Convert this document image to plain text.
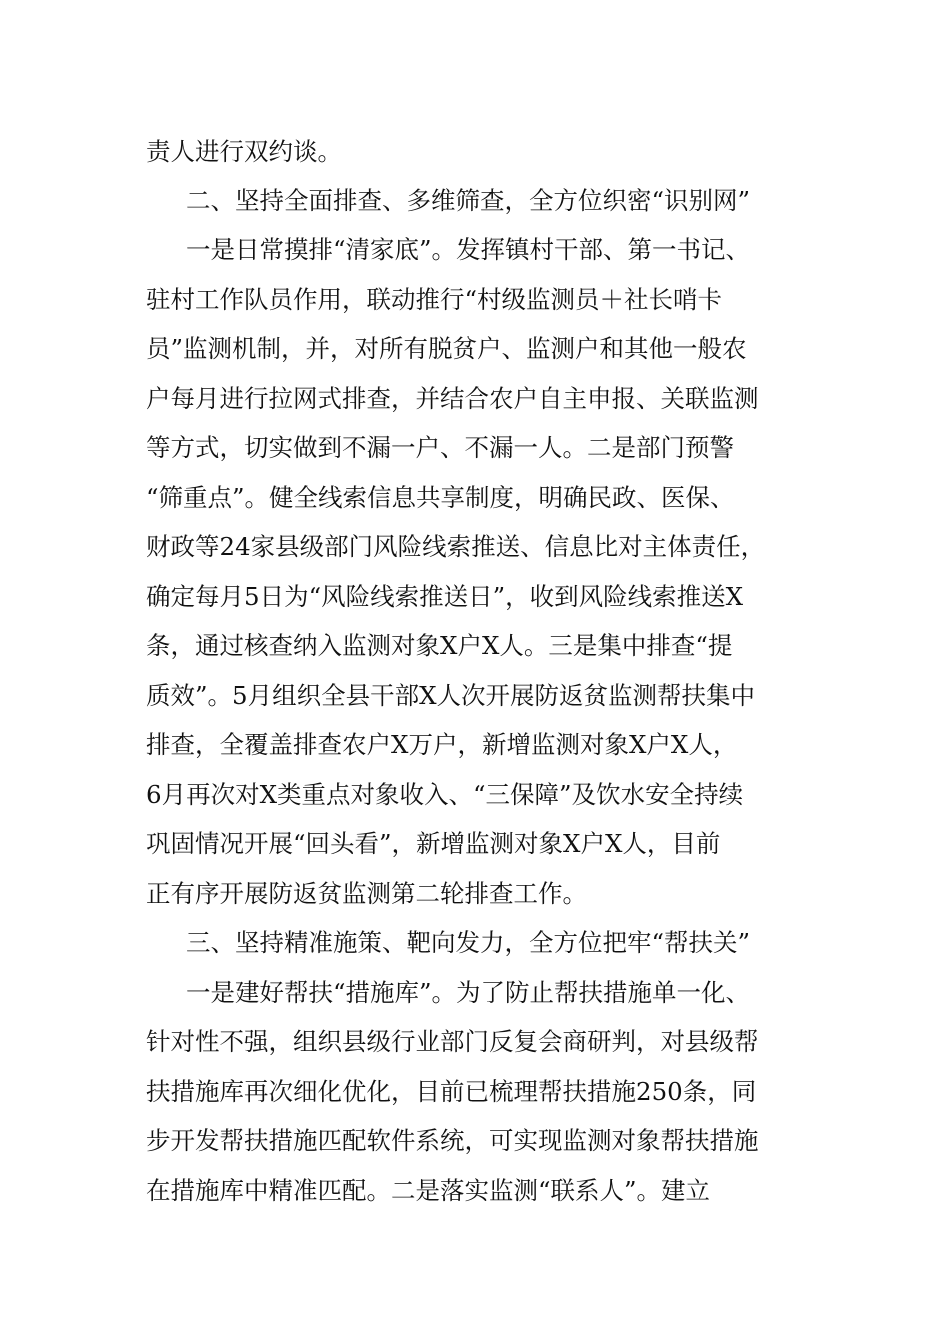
责人进行双约谈。
二、坚持全面排查、多维筛查，全方位织密“识别网”
一是日常摸排“清家底”。发挥镇村干部、第一书记、
驻村工作队员作用，联动推行“村级监测员＋社长哨卡
员”监测机制，并，对所有脱贫户、监测户和其他一般农
户每月进行拉网式排查，并结合农户自主申报、关联监测
等方式，切实做到不漏一户、不漏一人。二是部门预警
“筛重点”。健全线索信息共享制度，明确民政、医保、
财政等24家县级部门风险线索推送、信息比对主体责任，
确定每月5日为“风险线索推送日”，收到风险线索推送X
条，通过核查纳入监测对象X户X人。三是集中排查“提
质效”。5月组织全县干部X人次开展防返贫监测帮扶集中
排查，全覆盖排查农户X万户，新增监测对象X户X人，
6月再次对X类重点对象收入、“三保障”及饮水安全持续
巩固情况开展“回头看”，新增监测对象X户X人，目前
正有序开展防返贫监测第二轮排查工作。
三、坚持精准施策、靶向发力，全方位把牢“帮扶关”
一是建好帮扶“措施库”。为了防止帮扶措施单一化、
针对性不强，组织县级行业部门反复会商研判，对县级帮
扶措施库再次细化优化，目前已梳理帮扶措施250条，同
步开发帮扶措施匹配软件系统，可实现监测对象帮扶措施
在措施库中精准匹配。二是落实监测“联系人”。建立
